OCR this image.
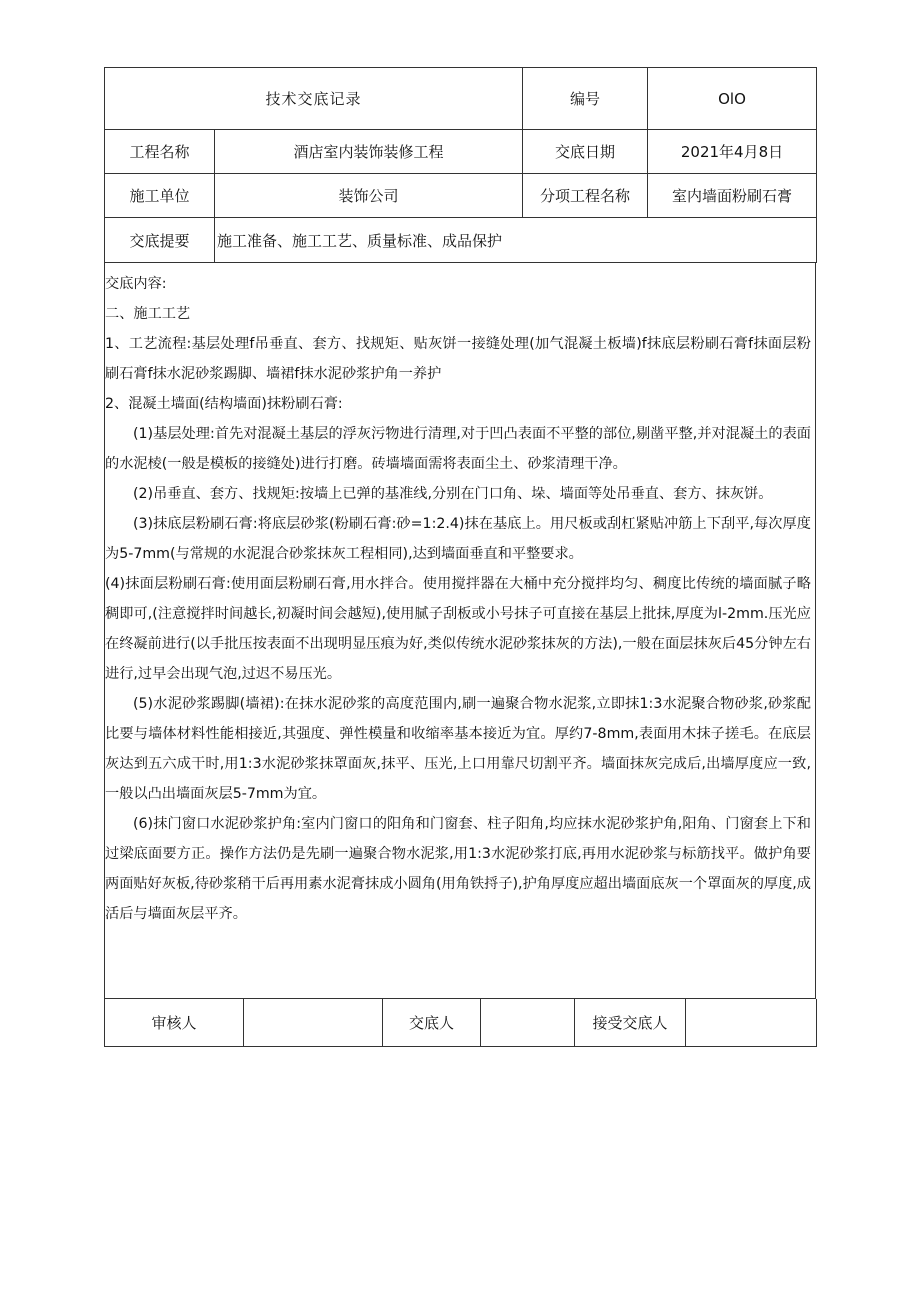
技术交底记录		编号	OlO
工程名称	酒店室内装饰装修工程	交底日期	2021年4月8日
施工单位	装饰公司	分项工程名称	室内墙面粉刷石膏
交底提要	施工准备、施工工艺、质量标准、成品保护		

交底内容:

二、施工工艺

1、工艺流程:基层处理f吊垂直、套方、找规矩、贴灰饼一接缝处理(加气混凝土板墙)f抹底层粉刷石膏f抹面层粉刷石膏f抹水泥砂浆踢脚、墙裙f抹水泥砂浆护角一养护

2、混凝土墙面(结构墙面)抹粉刷石膏:

(1)基层处理:首先对混凝土基层的浮灰污物进行清理,对于凹凸表面不平整的部位,剔凿平整,并对混凝土的表面的水泥棱(一般是模板的接缝处)进行打磨。砖墙墙面需将表面尘土、砂浆清理干净。

(2)吊垂直、套方、找规矩:按墙上已弹的基准线,分别在门口角、垛、墙面等处吊垂直、套方、抹灰饼。

(3)抹底层粉刷石膏:将底层砂浆(粉刷石膏:砂=1:2.4)抹在基底上。用尺板或刮杠紧贴冲筋上下刮平,每次厚度为5-7mm(与常规的水泥混合砂浆抹灰工程相同),达到墙面垂直和平整要求。

(4)抹面层粉刷石膏:使用面层粉刷石膏,用水拌合。使用搅拌器在大桶中充分搅拌均匀、稠度比传统的墙面腻子略稠即可,(注意搅拌时间越长,初凝时间会越短),使用腻子刮板或小号抹子可直接在基层上批抹,厚度为l-2mm.压光应在终凝前进行(以手批压按表面不出现明显压痕为好,类似传统水泥砂浆抹灰的方法),一般在面层抹灰后45分钟左右进行,过早会出现气泡,过迟不易压光。

(5)水泥砂浆踢脚(墙裙):在抹水泥砂浆的高度范围内,刷一遍聚合物水泥浆,立即抹1:3水泥聚合物砂浆,砂浆配比要与墙体材料性能相接近,其强度、弹性模量和收缩率基本接近为宜。厚约7-8mm,表面用木抹子搓毛。在底层灰达到五六成干时,用1:3水泥砂浆抹罩面灰,抹平、压光,上口用靠尺切割平齐。墙面抹灰完成后,出墙厚度应一致,一般以凸出墙面灰层5-7mm为宜。

(6)抹门窗口水泥砂浆护角:室内门窗口的阳角和门窗套、柱子阳角,均应抹水泥砂浆护角,阳角、门窗套上下和过梁底面要方正。操作方法仍是先刷一遍聚合物水泥浆,用1:3水泥砂浆打底,再用水泥砂浆与标筋找平。做护角要两面贴好灰板,待砂浆稍干后再用素水泥膏抹成小圆角(用角铁捋子),护角厚度应超出墙面底灰一个罩面灰的厚度,成活后与墙面灰层平齐。

审核人		交底人		接受交底人	
